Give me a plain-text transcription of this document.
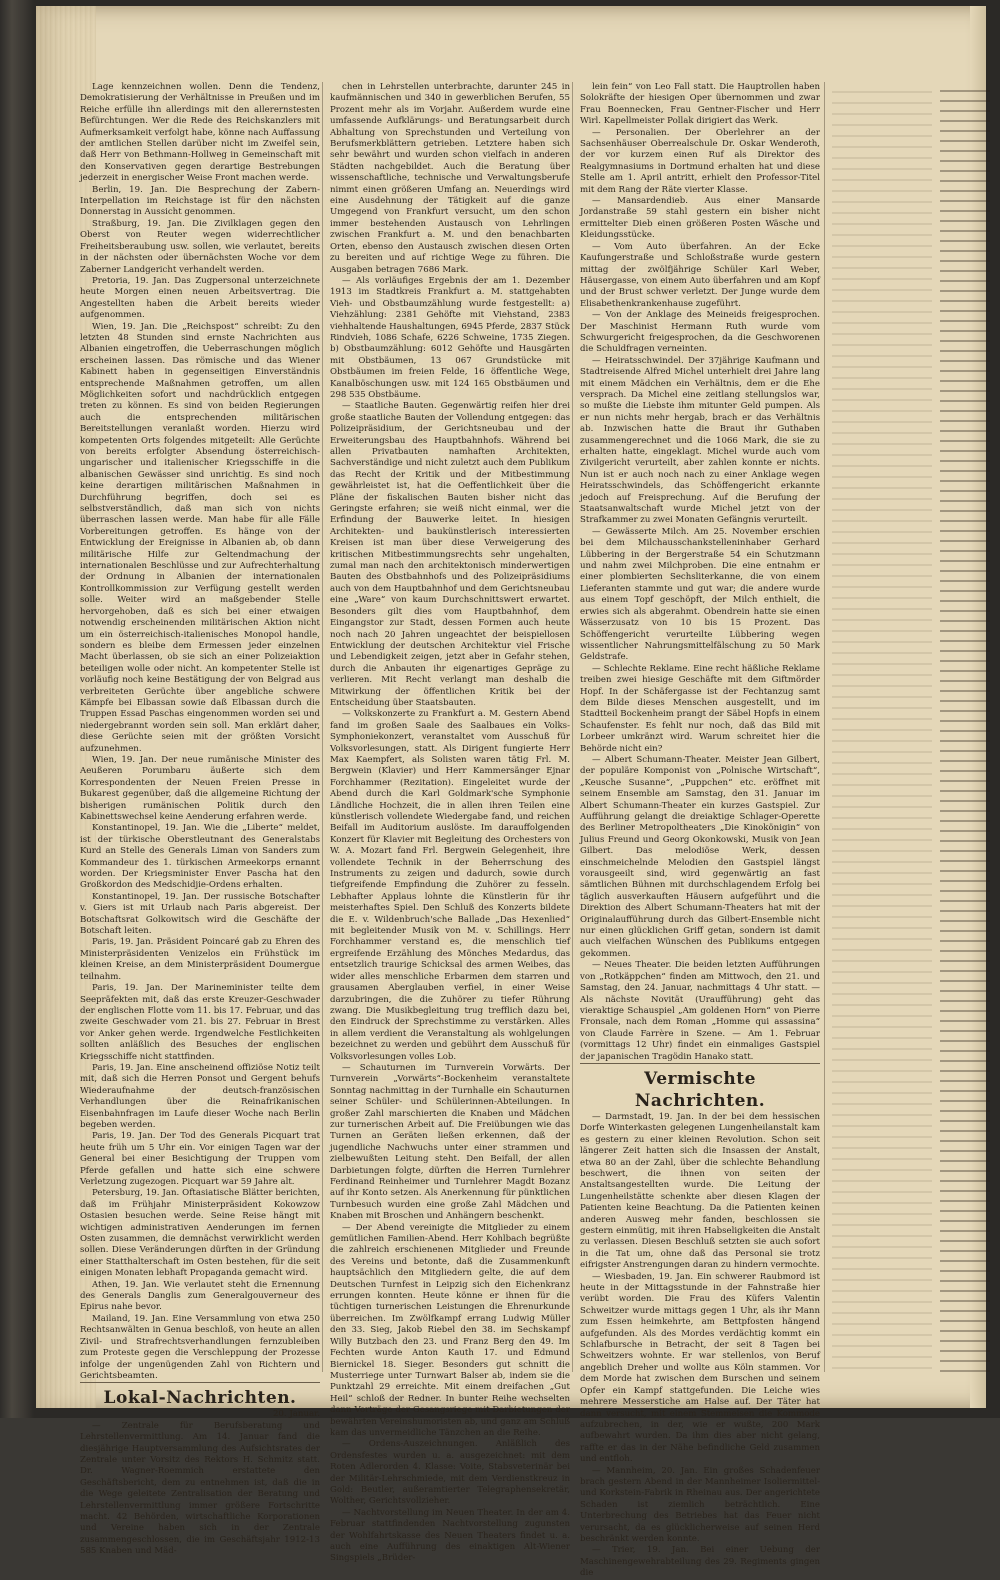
Lage kennzeichnen wollen. Denn die Tendenz, Demokratisierung der Verhältnisse in Preußen und im Reiche erfülle ihn allerdings mit den allerernstesten Befürchtungen. Wer die Rede des Reichskanzlers mit Aufmerksamkeit verfolgt habe, könne nach Auffassung der amtlichen Stellen darüber nicht im Zweifel sein, daß Herr von Bethmann-Hollweg in Gemeinschaft mit den Konservativen gegen derartige Bestrebungen jederzeit in energischer Weise Front machen werde.

Berlin, 19. Jan. Die Besprechung der Zabern-Interpellation im Reichstage ist für den nächsten Donnerstag in Aussicht genommen.

Straßburg, 19. Jan. Die Zivilklagen gegen den Oberst von Reuter wegen widerrechtlicher Freiheitsberaubung usw. sollen, wie verlautet, bereits in der nächsten oder übernächsten Woche vor dem Zaberner Landgericht verhandelt werden.

Pretoria, 19. Jan. Das Zugpersonal unterzeichnete heute Morgen einen neuen Arbeitsvertrag. Die Angestellten haben die Arbeit bereits wieder aufgenommen.

Wien, 19. Jan. Die „Reichspost“ schreibt: Zu den letzten 48 Stunden sind ernste Nachrichten aus Albanien eingetroffen, die Ueberraschungen möglich erscheinen lassen. Das römische und das Wiener Kabinett haben in gegenseitigen Einverständnis entsprechende Maßnahmen getroffen, um allen Möglichkeiten sofort und nachdrücklich entgegen treten zu können. Es sind von beiden Regierungen auch die entsprechenden militärischen Bereitstellungen veranlaßt worden. Hierzu wird kompetenten Orts folgendes mitgeteilt: Alle Gerüchte von bereits erfolgter Absendung österreichisch-ungarischer und italienischer Kriegsschiffe in die albanischen Gewässer sind unrichtig. Es sind noch keine derartigen militärischen Maßnahmen in Durchführung begriffen, doch sei es selbstverständlich, daß man sich von nichts überraschen lassen werde. Man habe für alle Fälle Vorbereitungen getroffen. Es hänge von der Entwicklung der Ereignisse in Albanien ab, ob dann militärische Hilfe zur Geltendmachung der internationalen Beschlüsse und zur Aufrechterhaltung der Ordnung in Albanien der internationalen Kontrollkommission zur Verfügung gestellt werden solle. Weiter wird an maßgebender Stelle hervorgehoben, daß es sich bei einer etwaigen notwendig erscheinenden militärischen Aktion nicht um ein österreichisch-italienisches Monopol handle, sondern es bleibe dem Ermessen jeder einzelnen Macht überlassen, ob sie sich an einer Polizeiaktion beteiligen wolle oder nicht. An kompetenter Stelle ist vorläufig noch keine Bestätigung der von Belgrad aus verbreiteten Gerüchte über angebliche schwere Kämpfe bei Elbassan sowie daß Elbassan durch die Truppen Essad Paschas eingenommen worden sei und niedergebrannt worden sein soll. Man erklärt daher, diese Gerüchte seien mit der größten Vorsicht aufzunehmen.

Wien, 19. Jan. Der neue rumänische Minister des Aeußeren Porumbaru äußerte sich dem Korrespondenten der Neuen Freien Presse in Bukarest gegenüber, daß die allgemeine Richtung der bisherigen rumänischen Politik durch den Kabinettswechsel keine Aenderung erfahren werde.

Konstantinopel, 19. Jan. Wie die „Liberte“ meldet, ist der türkische Oberstleutnant des Generalstabs Kurd an Stelle des Generals Liman von Sanders zum Kommandeur des 1. türkischen Armeekorps ernannt worden. Der Kriegsminister Enver Pascha hat den Großkordon des Medschidjie-Ordens erhalten.

Konstantinopel, 19. Jan. Der russische Botschafter v. Giers ist mit Urlaub nach Paris abgereist. Der Botschaftsrat Golkowitsch wird die Geschäfte der Botschaft leiten.

Paris, 19. Jan. Präsident Poincaré gab zu Ehren des Ministerpräsidenten Venizelos ein Frühstück im kleinen Kreise, an dem Ministerpräsident Doumergue teilnahm.

Paris, 19. Jan. Der Marineminister teilte dem Seepräfekten mit, daß das erste Kreuzer-Geschwader der englischen Flotte vom 11. bis 17. Februar, und das zweite Geschwader vom 21. bis 27. Februar in Brest vor Anker gehen werde. Irgendwelche Festlichkeiten sollten anläßlich des Besuches der englischen Kriegsschiffe nicht stattfinden.

Paris, 19. Jan. Eine anscheinend offiziöse Notiz teilt mit, daß sich die Herren Ponsot und Gergent behufs Wiederaufnahme der deutsch-französischen Verhandlungen über die Reinafrikanischen Eisenbahnfragen im Laufe dieser Woche nach Berlin begeben werden.

Paris, 19. Jan. Der Tod des Generals Picquart trat heute früh um 5 Uhr ein. Vor einigen Tagen war der General bei einer Besichtigung der Truppen vom Pferde gefallen und hatte sich eine schwere Verletzung zugezogen. Picquart war 59 Jahre alt.

Petersburg, 19. Jan. Oftasiatische Blätter berichten, daß im Frühjahr Ministerpräsident Kokowzow Ostasien besuchen werde. Seine Reise hängt mit wichtigen administrativen Aenderungen im fernen Osten zusammen, die demnächst verwirklicht werden sollen. Diese Veränderungen dürften in der Gründung einer Statthalterschaft im Osten bestehen, für die seit einigen Monaten lebhaft Propaganda gemacht wird.

Athen, 19. Jan. Wie verlautet steht die Ernennung des Generals Danglis zum Generalgouverneur des Epirus nahe bevor.

Mailand, 19. Jan. Eine Versammlung von etwa 250 Rechtsanwälten in Genua beschloß, von heute an allen Zivil- und Strafrechtsverhandlungen fernzubleiben zum Proteste gegen die Verschleppung der Prozesse infolge der ungenügenden Zahl von Richtern und Gerichtsbeamten.

Lokal-Nachrichten.

20. Januar.

— Zentrale für Berufsberatung und Lehrstellenvermittlung. Am 14. Januar fand die diesjährige Hauptversammlung des Aufsichtsrates der Zentrale unter Vorsitz des Rektors H. Schmitz statt. Dr. Wagner-Roemmich erstattete den Geschäftsbericht, dem zu entnehmen ist, daß die in die Wege geleitete Zentralisation der Beratung und Lehrstellenvermittlung immer größere Fortschritte macht. 42 Behörden, wirtschaftliche Korporationen und Vereine haben sich in der Zentrale zusammengeschlossen, die im Geschäftsjahr 1912-13 585 Knaben und Mäd-

chen in Lehrstellen unterbrachte, darunter 245 in kaufmännischen und 340 in gewerblichen Berufen, 55 Prozent mehr als im Vorjahr. Außerdem wurde eine umfassende Aufklärungs- und Beratungsarbeit durch Abhaltung von Sprechstunden und Verteilung von Berufsmerkblättern getrieben. Letztere haben sich sehr bewährt und wurden schon vielfach in anderen Städten nachgebildet. Auch die Beratung über wissenschaftliche, technische und Verwaltungsberufe nimmt einen größeren Umfang an. Neuerdings wird eine Ausdehnung der Tätigkeit auf die ganze Umgegend von Frankfurt versucht, um den schon immer bestehenden Austausch von Lehrlingen zwischen Frankfurt a. M. und den benachbarten Orten, ebenso den Austausch zwischen diesen Orten zu bereiten und auf richtige Wege zu führen. Die Ausgaben betragen 7686 Mark.

— Als vorläufiges Ergebnis der am 1. Dezember 1913 im Stadtkreis Frankfurt a. M. stattgehabten Vieh- und Obstbaumzählung wurde festgestellt: a) Viehzählung: 2381 Gehöfte mit Viehstand, 2383 viehhaltende Haushaltungen, 6945 Pferde, 2837 Stück Rindvieh, 1086 Schafe, 6226 Schweine, 1735 Ziegen. b) Obstbaumzählung: 6012 Gehöfte und Hausgärten mit Obstbäumen, 13 067 Grundstücke mit Obstbäumen im freien Felde, 16 öffentliche Wege, Kanalböschungen usw. mit 124 165 Obstbäumen und 298 535 Obstbäume.

— Staatliche Bauten. Gegenwärtig reifen hier drei große staatliche Bauten der Vollendung entgegen: das Polizeipräsidium, der Gerichtsneubau und der Erweiterungsbau des Hauptbahnhofs. Während bei allen Privatbauten namhaften Architekten, Sachverständige und nicht zuletzt auch dem Publikum das Recht der Kritik und der Mitbestimmung gewährleistet ist, hat die Oeffentlichkeit über die Pläne der fiskalischen Bauten bisher nicht das Geringste erfahren; sie weiß nicht einmal, wer die Erfindung der Bauwerke leitet. In hiesigen Architekten- und baukünstlerisch interessierten Kreisen ist man über diese Verweigerung des kritischen Mitbestimmungsrechts sehr ungehalten, zumal man nach den architektonisch minderwertigen Bauten des Obstbahnhofs und des Polizeipräsidiums auch von dem Hauptbahnhof und dem Gerichtsneubau eine „Ware“ von kaum Durchschnittswert erwartet. Besonders gilt dies vom Hauptbahnhof, dem Eingangstor zur Stadt, dessen Formen auch heute noch nach 20 Jahren ungeachtet der beispiellosen Entwicklung der deutschen Architektur viel Frische und Lebendigkeit zeigen, jetzt aber in Gefahr stehen, durch die Anbauten ihr eigenartiges Gepräge zu verlieren. Mit Recht verlangt man deshalb die Mitwirkung der öffentlichen Kritik bei der Entscheidung über Staatsbauten.

— Volkskonzerte zu Frankfurt a. M. Gestern Abend fand im großen Saale des Saalbaues ein Volks-Symphoniekonzert, veranstaltet vom Ausschuß für Volksvorlesungen, statt. Als Dirigent fungierte Herr Max Kaempfert, als Solisten waren tätig Frl. M. Bergwein (Klavier) und Herr Kammersänger Ejnar Forchhammer (Rezitation). Eingeleitet wurde der Abend durch die Karl Goldmark'sche Symphonie Ländliche Hochzeit, die in allen ihren Teilen eine künstlerisch vollendete Wiedergabe fand, und reichen Beifall im Auditorium auslöste. Im darauffolgenden Konzert für Klavier mit Begleitung des Orchesters von W. A. Mozart fand Frl. Bergwein Gelegenheit, ihre vollendete Technik in der Beherrschung des Instruments zu zeigen und dadurch, sowie durch tiefgreifende Empfindung die Zuhörer zu fesseln. Lebhafter Applaus lohnte die Künstlerin für ihr meisterhaftes Spiel. Den Schluß des Konzerts bildete die E. v. Wildenbruch'sche Ballade „Das Hexenlied“ mit begleitender Musik von M. v. Schillings. Herr Forchhammer verstand es, die menschlich tief ergreifende Erzählung des Mönches Medardus, das entsetzlich traurige Schicksal des armen Weibes, das wider alles menschliche Erbarmen dem starren und grausamen Aberglauben verfiel, in einer Weise darzubringen, die die Zuhörer zu tiefer Rührung zwang. Die Musikbegleitung trug trefflich dazu bei, den Eindruck der Sprechstimme zu verstärken. Alles in allem verdient die Veranstaltung als wohlgelungen bezeichnet zu werden und gebührt dem Ausschuß für Volksvorlesungen volles Lob.

— Schauturnen im Turnverein Vorwärts. Der Turnverein „Vorwärts“-Bockenheim veranstaltete Sonntag nachmittag in der Turnhalle ein Schauturnen seiner Schüler- und Schülerinnen-Abteilungen. In großer Zahl marschierten die Knaben und Mädchen zur turnerischen Arbeit auf. Die Freiübungen wie das Turnen an Geräten ließen erkennen, daß der jugendliche Nachwuchs unter einer strammen und zielbewußten Leitung steht. Den Beifall, der allen Darbietungen folgte, dürften die Herren Turnlehrer Ferdinand Reinheimer und Turnlehrer Magdt Bozanz auf ihr Konto setzen. Als Anerkennung für pünktlichen Turnbesuch wurden eine große Zahl Mädchen und Knaben mit Broschen und Anhängern beschenkt.

— Der Abend vereinigte die Mitglieder zu einem gemütlichen Familien-Abend. Herr Kohlbach begrüßte die zahlreich erschienenen Mitglieder und Freunde des Vereins und betonte, daß die Zusammenkunft hauptsächlich den Mitgliedern gelte, die auf dem Deutschen Turnfest in Leipzig sich den Eichenkranz errungen konnten. Heute könne er ihnen für die tüchtigen turnerischen Leistungen die Ehrenurkunde überreichen. Im Zwölfkampf errang Ludwig Müller den 33. Sieg, Jakob Riebel den 38. im Sechskampf Willy Butzbach den 23. und Franz Berg den 49. Im Fechten wurde Anton Kauth 17. und Edmund Biernickel 18. Sieger. Besonders gut schnitt die Musterriege unter Turnwart Balser ab, indem sie die Punktzahl 29 erreichte. Mit einem dreifachen „Gut Heil“ schloß der Redner. In bunter Reihe wechselten dann Vorträge der Gesangsriege mit Darbietungen der bewährten Vereinshumoristen ab, und ganz am Schluß kam das unvermeidliche Tänzchen an die Reihe.

— Ordens-Auszeichnungen. Anläßlich des Ordensfestes wurden u. a. ausgezeichnet: mit dem Roten Adlerorden 4. Klasse: Voite, Stabsveterinär bei der Militär-Lehrschmiede, mit dem Verdienstkreuz in Gold: Beutler, außeramtierter Telegraphensekretär, Wolther, Gerichtsvollzieher.

— Nachtvorstellung im Neuen Theater. In der am 4. Februar stattfindenden Nachtvorstellung zugunsten der Wohlfahrtskasse des Neuen Theaters findet u. a. auch eine Aufführung des einaktigen Alt-Wiener Singspiels „Brüder-

lein fein“ von Leo Fall statt. Die Hauptrollen haben Solokräfte der hiesigen Oper übernommen und zwar Frau Boennecken, Frau Gentner-Fischer und Herr Wirl. Kapellmeister Pollak dirigiert das Werk.

— Personalien. Der Oberlehrer an der Sachsenhäuser Oberrealschule Dr. Oskar Wenderoth, der vor kurzem einen Ruf als Direktor des Realgymnasiums in Dortmund erhalten hat und diese Stelle am 1. April antritt, erhielt den Professor-Titel mit dem Rang der Räte vierter Klasse.

— Mansardendieb. Aus einer Mansarde Jordanstraße 59 stahl gestern ein bisher nicht ermittelter Dieb einen größeren Posten Wäsche und Kleidungsstücke.

— Vom Auto überfahren. An der Ecke Kaufungerstraße und Schloßstraße wurde gestern mittag der zwölfjährige Schüler Karl Weber, Häusergasse, von einem Auto überfahren und am Kopf und der Brust schwer verletzt. Der Junge wurde dem Elisabethenkrankenhause zugeführt.

— Von der Anklage des Meineids freigesprochen. Der Maschinist Hermann Ruth wurde vom Schwurgericht freigesprochen, da die Geschworenen die Schuldfragen verneinten.

— Heiratsschwindel. Der 37jährige Kaufmann und Stadtreisende Alfred Michel unterhielt drei Jahre lang mit einem Mädchen ein Verhältnis, dem er die Ehe versprach. Da Michel eine zeitlang stellungslos war, so mußte die Liebste ihm mitunter Geld pumpen. Als er nun nichts mehr hergab, brach er das Verhältnis ab. Inzwischen hatte die Braut ihr Guthaben zusammengerechnet und die 1066 Mark, die sie zu erhalten hatte, eingeklagt. Michel wurde auch vom Zivilgericht verurteilt, aber zahlen konnte er nichts. Nun ist er auch noch nach zu einer Anklage wegen Heiratsschwindels, das Schöffengericht erkannte jedoch auf Freisprechung. Auf die Berufung der Staatsanwaltschaft wurde Michel jetzt von der Strafkammer zu zwei Monaten Gefängnis verurteilt.

— Gewässerte Milch. Am 25. November erschien bei dem Milchausschankstelleninhaber Gerhard Lübbering in der Bergerstraße 54 ein Schutzmann und nahm zwei Milchproben. Die eine entnahm er einer plombierten Sechsliterkanne, die von einem Lieferanten stammte und gut war; die andere wurde aus einem Topf geschöpft, der Milch enthielt, die erwies sich als abgerahmt. Obendrein hatte sie einen Wässerzusatz von 10 bis 15 Prozent. Das Schöffengericht verurteilte Lübbering wegen wissentlicher Nahrungsmittelfälschung zu 50 Mark Geldstrafe.

— Schlechte Reklame. Eine recht häßliche Reklame treiben zwei hiesige Geschäfte mit dem Giftmörder Hopf. In der Schäfergasse ist der Fechtanzug samt dem Bilde dieses Menschen ausgestellt, und im Stadtteil Bockenheim prangt der Säbel Hopfs in einem Schaufenster. Es fehlt nur noch, daß das Bild mit Lorbeer umkränzt wird. Warum schreitet hier die Behörde nicht ein?

— Albert Schumann-Theater. Meister Jean Gilbert, der populäre Komponist von „Polnische Wirtschaft“, „Keusche Susanne“, „Puppchen“ etc. eröffnet mit seinem Ensemble am Samstag, den 31. Januar im Albert Schumann-Theater ein kurzes Gastspiel. Zur Aufführung gelangt die dreiaktige Schlager-Operette des Berliner Metropoltheaters „Die Kinokönigin“ von Julius Freund und Georg Okonkowski, Musik von Jean Gilbert. Das melodiöse Werk, dessen einschmeichelnde Melodien den Gastspiel längst vorausgeeilt sind, wird gegenwärtig an fast sämtlichen Bühnen mit durchschlagendem Erfolg bei täglich ausverkauften Häusern aufgeführt und die Direktion des Albert Schumann-Theaters hat mit der Originalaufführung durch das Gilbert-Ensemble nicht nur einen glücklichen Griff getan, sondern ist damit auch vielfachen Wünschen des Publikums entgegen gekommen.

— Neues Theater. Die beiden letzten Aufführungen von „Rotkäppchen“ finden am Mittwoch, den 21. und Samstag, den 24. Januar, nachmittags 4 Uhr statt. — Als nächste Novität (Uraufführung) geht das vieraktige Schauspiel „Am goldenen Horn“ von Pierre Fronsale, nach dem Roman „Homme qui assassina“ von Claude Farrère in Szene. — Am 1. Februar (vormittags 12 Uhr) findet ein einmaliges Gastspiel der japanischen Tragödin Hanako statt.

Vermischte Nachrichten.

— Darmstadt, 19. Jan. In der bei dem hessischen Dorfe Winterkasten gelegenen Lungenheilanstalt kam es gestern zu einer kleinen Revolution. Schon seit längerer Zeit hatten sich die Insassen der Anstalt, etwa 80 an der Zahl, über die schlechte Behandlung beschwert, die ihnen von seiten der Anstaltsangestellten wurde. Die Leitung der Lungenheilstätte schenkte aber diesen Klagen der Patienten keine Beachtung. Da die Patienten keinen anderen Ausweg mehr fanden, beschlossen sie gestern einmütig, mit ihren Habseligkeiten die Anstalt zu verlassen. Diesen Beschluß setzten sie auch sofort in die Tat um, ohne daß das Personal sie trotz eifrigster Anstrengungen daran zu hindern vermochte.

— Wiesbaden, 19. Jan. Ein schwerer Raubmord ist heute in der Mittagsstunde in der Fahnstraße hier verübt worden. Die Frau des Küfers Valentin Schweitzer wurde mittags gegen 1 Uhr, als ihr Mann zum Essen heimkehrte, am Bettpfosten hängend aufgefunden. Als des Mordes verdächtig kommt ein Schlafbursche in Betracht, der seit 8 Tagen bei Schweitzers wohnte. Er war stellenlos, von Beruf angeblich Dreher und wollte aus Köln stammen. Vor dem Morde hat zwischen dem Burschen und seinem Opfer ein Kampf stattgefunden. Die Leiche wies mehrere Messerstiche am Halse auf. Der Täter hat dann versucht, mit einem Stemmeisen die Kommode aufzubrechen, in der, wie er wußte, 200 Mark aufbewahrt wurden. Da ihm dies aber nicht gelang, raffte er das in der Nähe befindliche Geld zusammen und entfloh.

— Mannheim, 20. Jan. Ein großes Schadenfeuer brach gestern Abend in der Mannheimer Isoliermittel- und Korkstein-Fabrik in Rheinau aus. Der angerichtete Schaden ist ziemlich beträchtlich. Eine Unterbrechung des Betriebes hat das Feuer nicht verursacht, da es glücklicherweise auf seinen Herd beschränkt werden konnte.

— Trier, 19. Jan. Bei einer Uebung der Maschinengewehrabteilung des 29. Regiments gingen die
